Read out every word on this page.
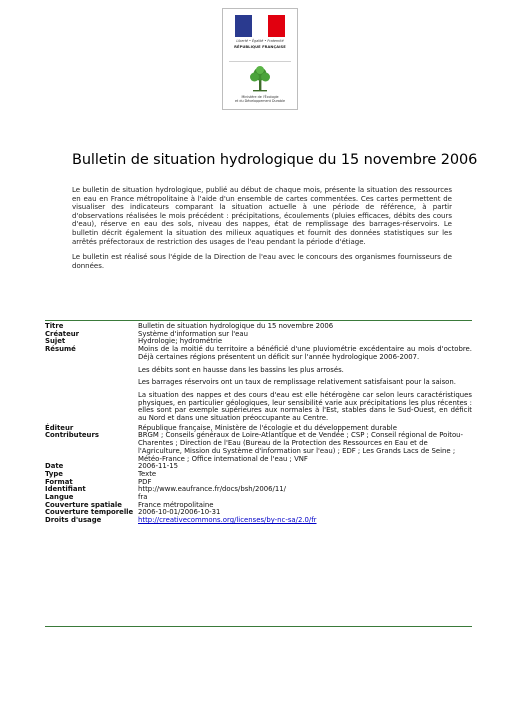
Liberté • Égalité • Fraternité
RÉPUBLIQUE FRANÇAISE
Ministère de l'Écologie
et du Développement Durable
Bulletin de situation hydrologique du 15 novembre 2006

Le bulletin de situation hydrologique, publié au début de chaque mois, présente la situation des ressources en eau en France métropolitaine à l'aide d'un ensemble de cartes commentées. Ces cartes permettent de visualiser des indicateurs comparant la situation actuelle à une période de référence, à partir d'observations réalisées le mois précédent : précipitations, écoulements (pluies efficaces, débits des cours d'eau), réserve en eau des sols, niveau des nappes, état de remplissage des barrages-réservoirs. Le bulletin décrit également la situation des milieux aquatiques et fournit des données statistiques sur les arrêtés préfectoraux de restriction des usages de l'eau pendant la période d'étiage.

Le bulletin est réalisé sous l'égide de la Direction de l'eau avec le concours des organismes fournisseurs de données.

Titre	Bulletin de situation hydrologique du 15 novembre 2006
Créateur	Système d'information sur l'eau
Sujet	Hydrologie; hydrométrie
Résumé	Moins de la moitié du territoire a bénéficié d'une pluviométrie excédentaire au mois d'octobre. Déjà certaines régions présentent un déficit sur l'année hydrologique 2006-2007.

Les débits sont en hausse dans les bassins les plus arrosés.

Les barrages réservoirs ont un taux de remplissage relativement satisfaisant pour la saison.

La situation des nappes et des cours d'eau est elle hétérogène car selon leurs caractéristiques physiques, en particulier géologiques, leur sensibilité varie aux précipitations les plus récentes : elles sont par exemple supérieures aux normales à l'Est, stables dans le Sud-Ouest, en déficit au Nord et dans une situation préoccupante au Centre.

Éditeur	République française, Ministère de l'écologie et du développement durable
Contributeurs	BRGM ; Conseils généraux de Loire-Atlantique et de Vendée ; CSP ; Conseil régional de Poitou-Charentes ; Direction de l'Eau (Bureau de la Protection des Ressources en Eau et de l'Agriculture, Mission du Système d'information sur l'eau) ; EDF ; Les Grands Lacs de Seine ; Météo-France ; Office international de l'eau ; VNF
Date	2006-11-15
Type	Texte
Format	PDF
Identifiant	http://www.eaufrance.fr/docs/bsh/2006/11/
Langue	fra
Couverture spatiale	France métropolitaine
Couverture temporelle 2006-10-01/2006-10-31
Droits d'usage	http://creativecommons.org/licenses/by-nc-sa/2.0/fr
